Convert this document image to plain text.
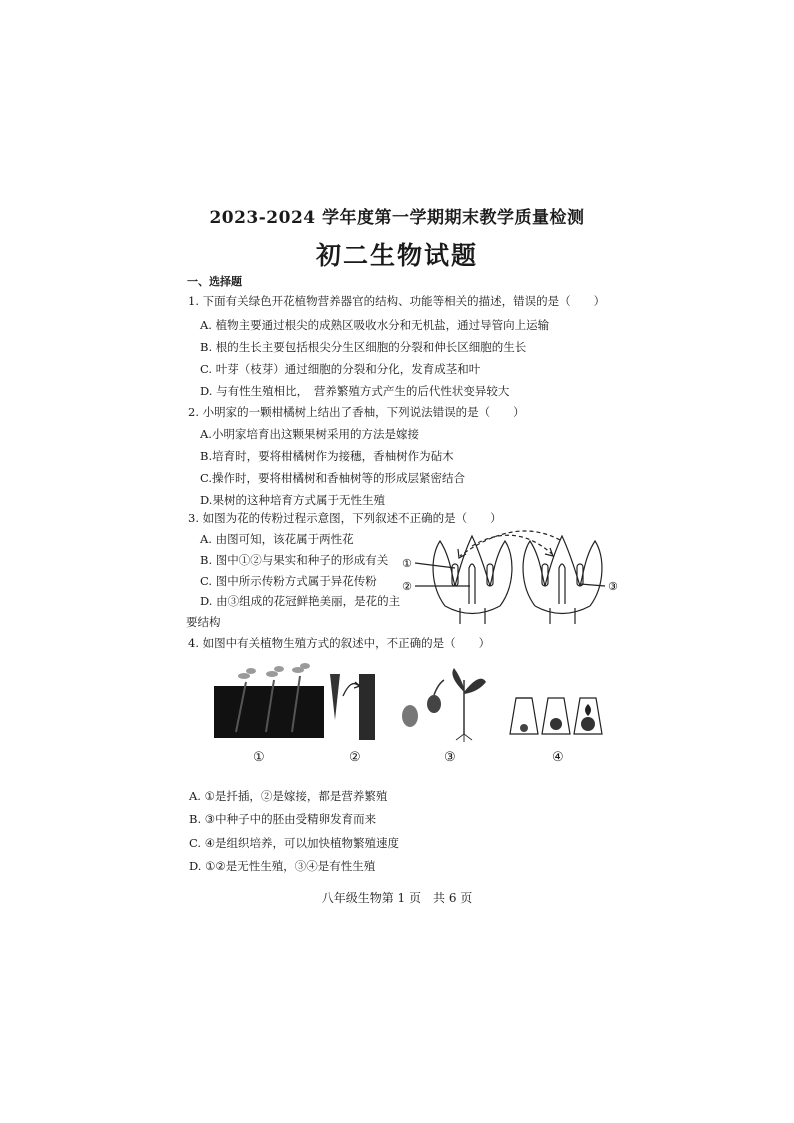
2023-2024 学年度第一学期期末教学质量检测
初二生物试题
一、选择题
1. 下面有关绿色开花植物营养器官的结构、功能等相关的描述，错误的是（　　）
A. 植物主要通过根尖的成熟区吸收水分和无机盐，通过导管向上运输
B. 根的生长主要包括根尖分生区细胞的分裂和伸长区细胞的生长
C. 叶芽（枝芽）通过细胞的分裂和分化，发育成茎和叶
D. 与有性生殖相比，　营养繁殖方式产生的后代性状变异较大
2. 小明家的一颗柑橘树上结出了香柚，下列说法错误的是（　　）
A.小明家培育出这颗果树采用的方法是嫁接
B.培育时，要将柑橘树作为接穗，香柚树作为砧木
C.操作时，要将柑橘树和香柚树等的形成层紧密结合
D.果树的这种培育方式属于无性生殖
3. 如图为花的传粉过程示意图，下列叙述不正确的是（　　）
A. 由图可知，该花属于两性花
B. 图中①②与果实和种子的形成有关
C. 图中所示传粉方式属于异花传粉
D. 由③组成的花冠鲜艳美丽，是花的主
要结构
①
②	③
4. 如图中有关植物生殖方式的叙述中，不正确的是（　　）
①	②	③	④
A. ①是扦插，②是嫁接，都是营养繁殖
B. ③中种子中的胚由受精卵发育而来
C. ④是组织培养，可以加快植物繁殖速度
D. ①②是无性生殖，③④是有性生殖
八年级生物第 1 页　共 6 页
